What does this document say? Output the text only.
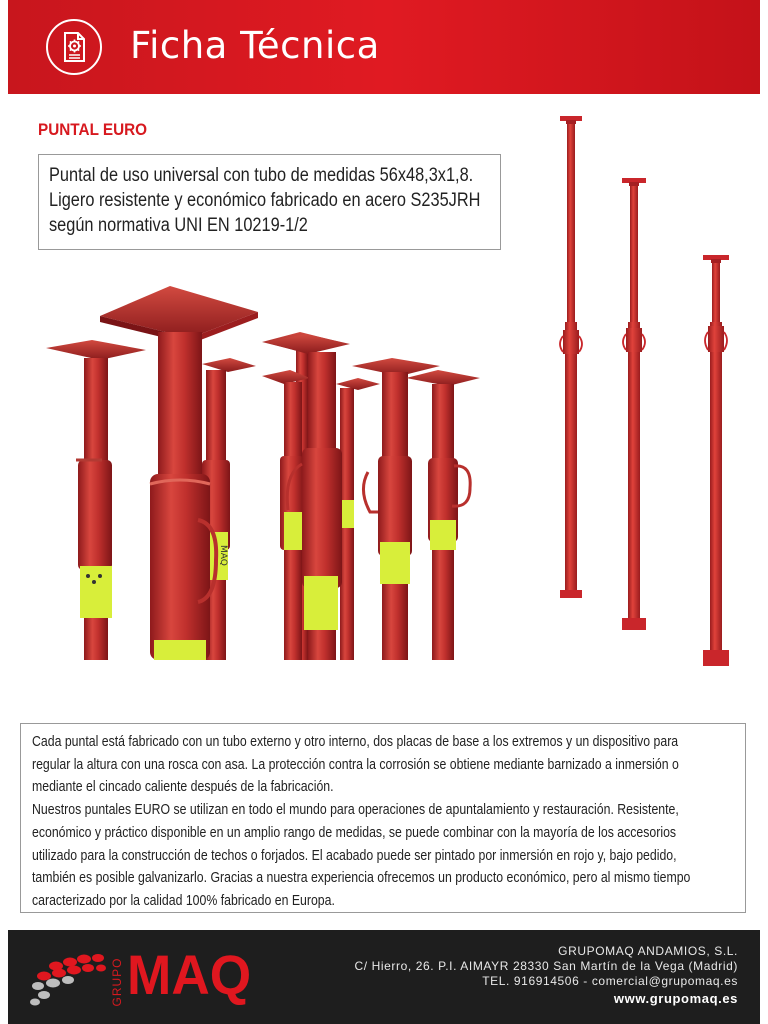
Ficha Técnica
PUNTAL EURO
Puntal de uso universal con tubo de medidas 56x48,3x1,8.
Ligero resistente y económico fabricado en acero S235JRH
según normativa UNI EN 10219-1/2
MAQ
Cada puntal está fabricado con un tubo externo y otro interno, dos placas de base a los extremos y un dispositivo para
regular la altura con una rosca con asa. La protección contra la corrosión se obtiene mediante barnizado a inmersión o
mediante el cincado caliente después de la fabricación.
Nuestros puntales EURO se utilizan en todo el mundo para operaciones de apuntalamiento y restauración. Resistente,
económico y práctico disponible en un amplio rango de medidas, se puede combinar con la mayoría de los accesorios
utilizado para la construcción de techos o forjados. El acabado puede ser pintado por inmersión en rojo y, bajo pedido,
también es posible galvanizarlo. Gracias a nuestra experiencia ofrecemos un producto económico, pero al mismo tiempo
caracterizado por la calidad 100% fabricado en Europa.
GRUPO MAQ	GRUPOMAQ ANDAMIOS, S.L.
C/ Hierro, 26. P.I. AIMAYR 28330 San Martín de la Vega (Madrid)
TEL. 916914506 - comercial@grupomaq.es
www.grupomaq.es
